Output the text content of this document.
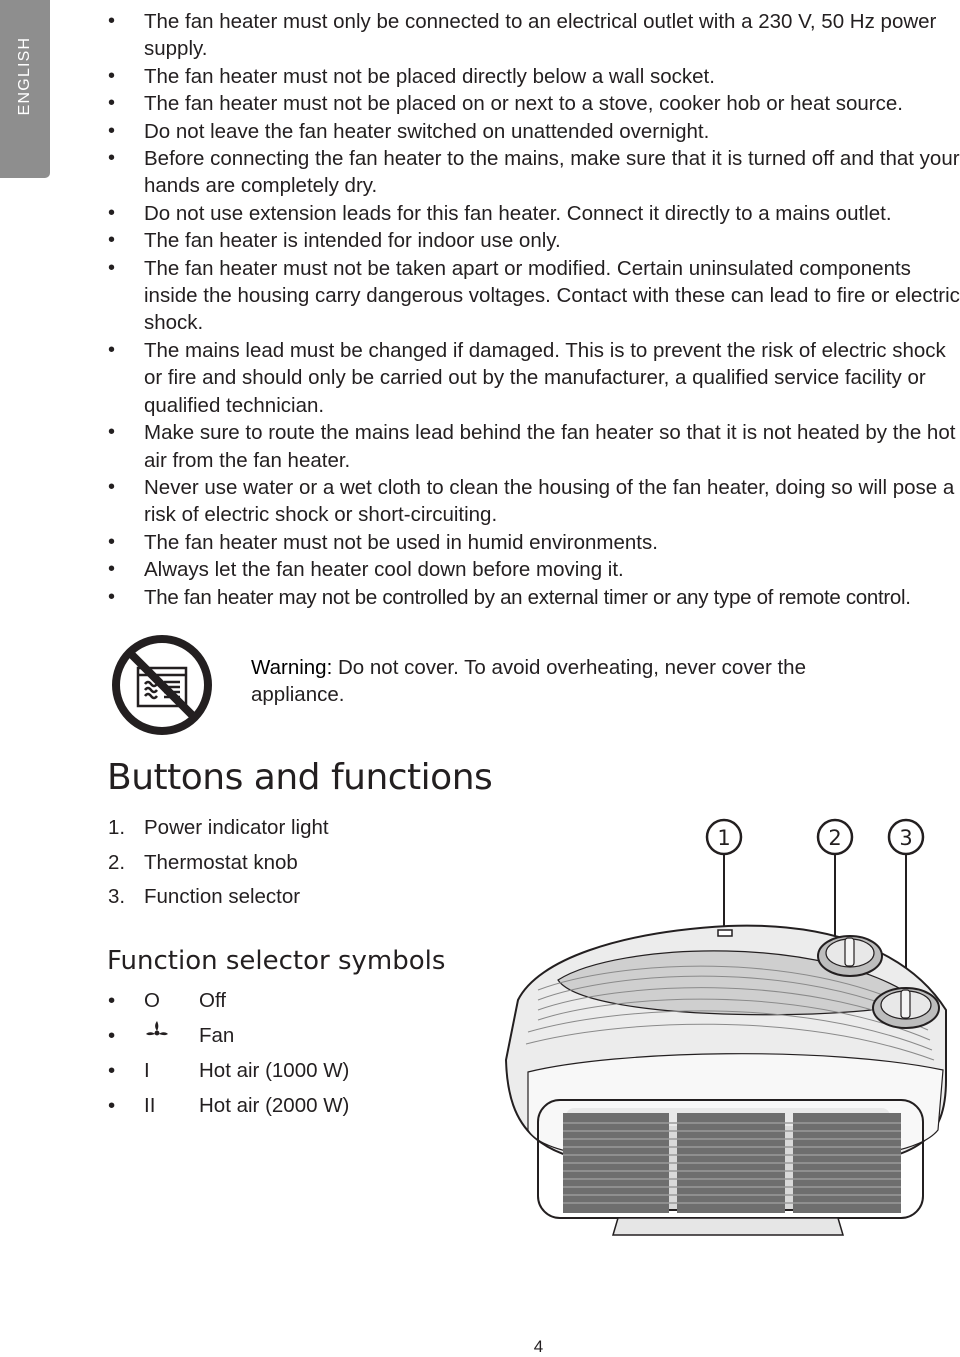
ENGLISH
• The fan heater must only be connected to an electrical outlet with a 230 V, 50 Hz power supply.
• The fan heater must not be placed directly below a wall socket.
• The fan heater must not be placed on or next to a stove, cooker hob or heat source.
• Do not leave the fan heater switched on unattended overnight.
• Before connecting the fan heater to the mains, make sure that it is turned off and that your hands are completely dry.
• Do not use extension leads for this fan heater. Connect it directly to a mains outlet.
• The fan heater is intended for indoor use only.
• The fan heater must not be taken apart or modified. Certain uninsulated components inside the housing carry dangerous voltages. Contact with these can lead to fire or electric shock.
• The mains lead must be changed if damaged. This is to prevent the risk of electric shock or fire and should only be carried out by the manufacturer, a qualified service facility or qualified technician.
• Make sure to route the mains lead behind the fan heater so that it is not heated by the hot air from the fan heater.
• Never use water or a wet cloth to clean the housing of the fan heater, doing so will pose a risk of electric shock or short-circuiting.
• The fan heater must not be used in humid environments.
• Always let the fan heater cool down before moving it.
• The fan heater may not be controlled by an external timer or any type of remote control.
Warning: Do not cover. To avoid overheating, never cover the appliance.
Buttons and functions
1. Power indicator light
2. Thermostat knob
3. Function selector
Function selector symbols
•	O	Off
•	Fan
•	I	Hot air (1000 W)
•	II	Hot air (2000 W)
1	2	3
4
